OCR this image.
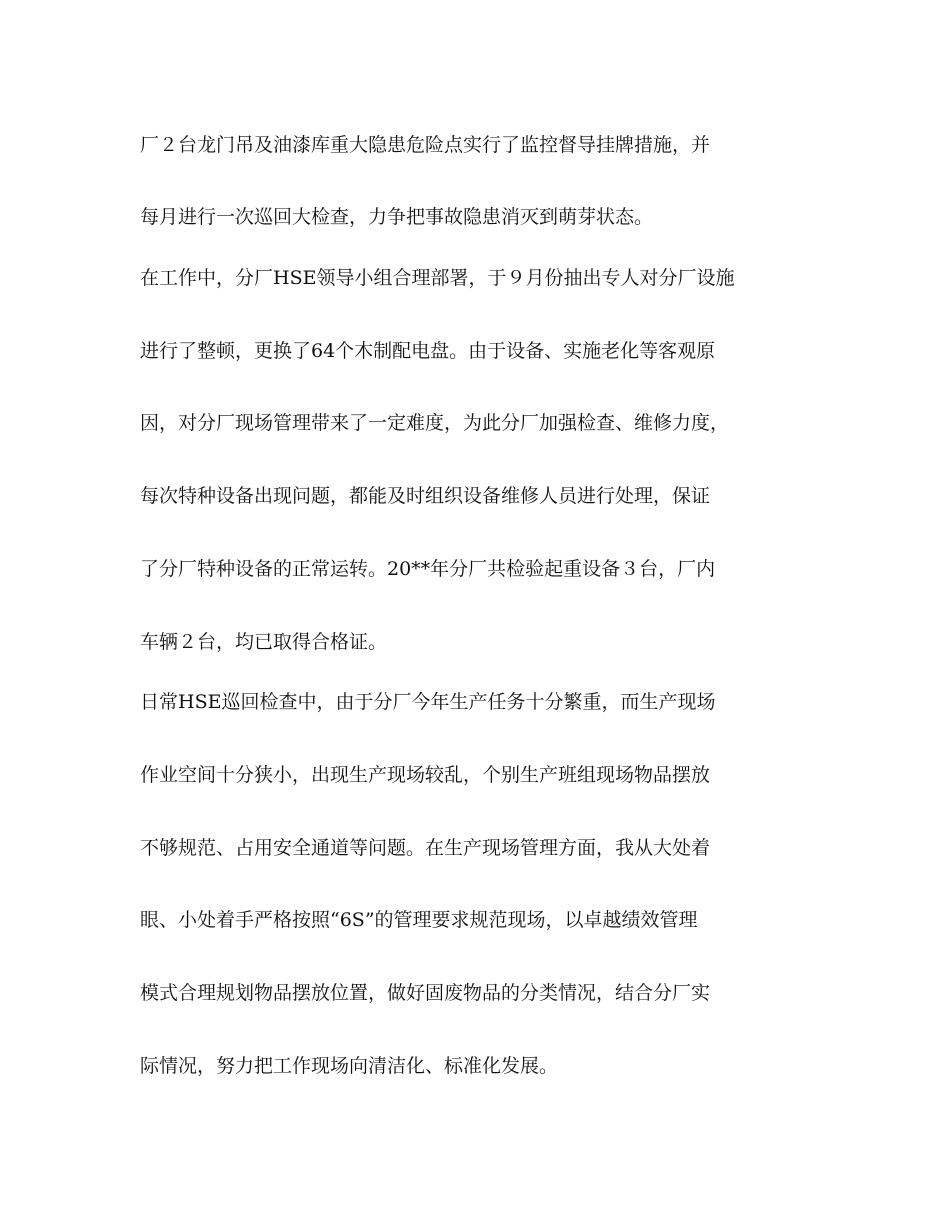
厂２台龙门吊及油漆库重大隐患危险点实行了监控督导挂牌措施，并
每月进行一次巡回大检查，力争把事故隐患消灭到萌芽状态。
在工作中，分厂HSE领导小组合理部署，于９月份抽出专人对分厂设施
进行了整顿，更换了64个木制配电盘。由于设备、实施老化等客观原
因，对分厂现场管理带来了一定难度，为此分厂加强检查、维修力度，
每次特种设备出现问题，都能及时组织设备维修人员进行处理，保证
了分厂特种设备的正常运转。20**年分厂共检验起重设备３台，厂内
车辆２台，均已取得合格证。
日常HSE巡回检查中，由于分厂今年生产任务十分繁重，而生产现场
作业空间十分狭小，出现生产现场较乱，个别生产班组现场物品摆放
不够规范、占用安全通道等问题。在生产现场管理方面，我从大处着
眼、小处着手严格按照“6S”的管理要求规范现场，以卓越绩效管理
模式合理规划物品摆放位置，做好固废物品的分类情况，结合分厂实
际情况，努力把工作现场向清洁化、标准化发展。
